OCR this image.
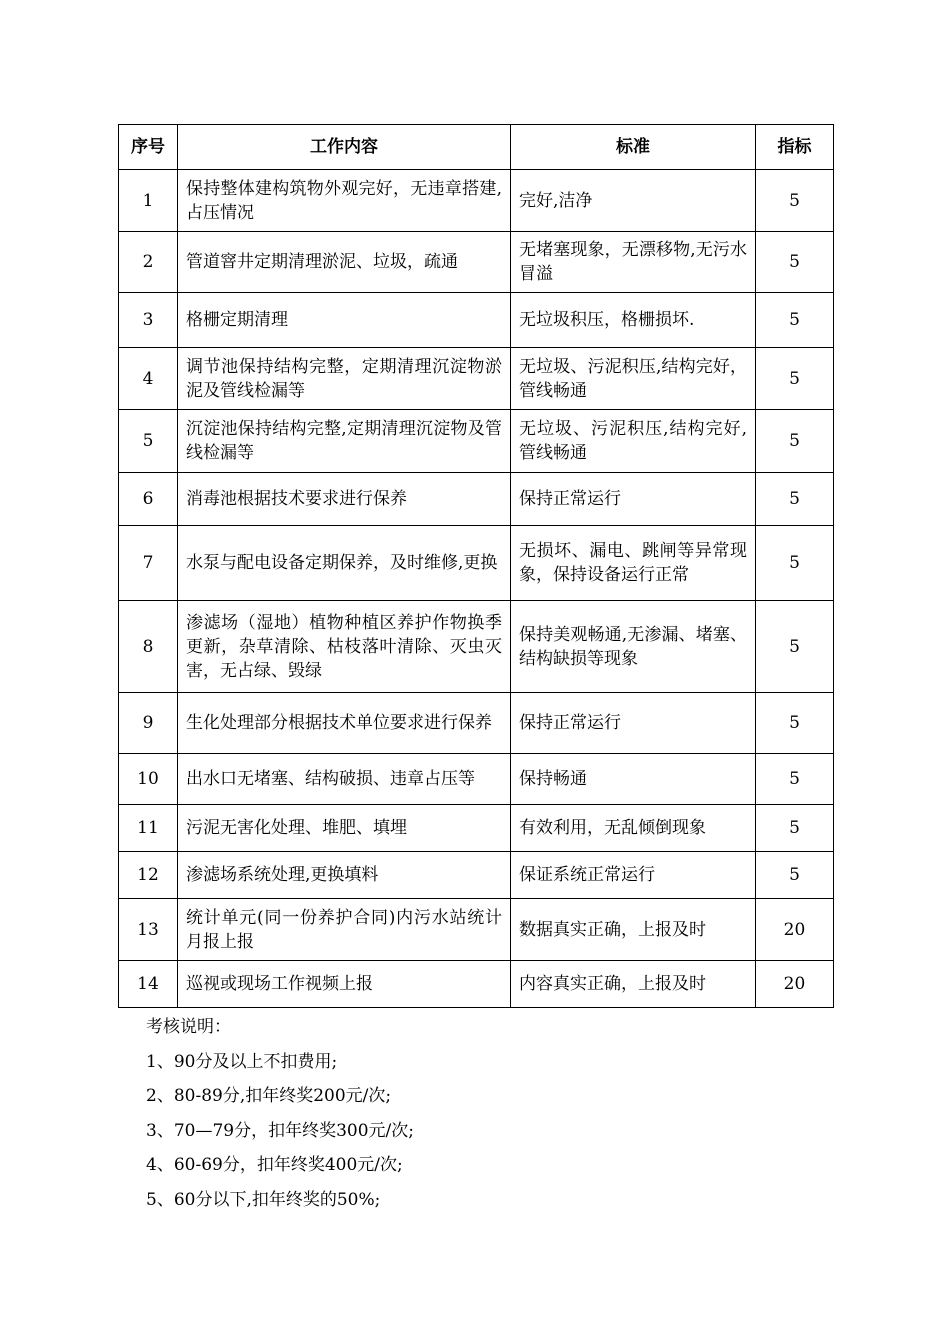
序号	工作内容	标准	指标
1	保持整体建构筑物外观完好，无违章搭建,占压情况	完好,洁净	5
2	管道窨井定期清理淤泥、垃圾，疏通	无堵塞现象，无漂移物,无污水冒溢	5
3	格栅定期清理	无垃圾积压，格栅损坏.	5
4	调节池保持结构完整，定期清理沉淀物淤泥及管线检漏等	无垃圾、污泥积压,结构完好，管线畅通	5
5	沉淀池保持结构完整,定期清理沉淀物及管线检漏等	无垃圾、污泥积压,结构完好,管线畅通	5
6	消毒池根据技术要求进行保养	保持正常运行	5
7	水泵与配电设备定期保养，及时维修,更换	无损坏、漏电、跳闸等异常现象，保持设备运行正常	5
8	渗滤场（湿地）植物种植区养护作物换季更新，杂草清除、枯枝落叶清除、灭虫灭害，无占绿、毁绿	保持美观畅通,无渗漏、堵塞、结构缺损等现象	5
9	生化处理部分根据技术单位要求进行保养	保持正常运行	5
10	出水口无堵塞、结构破损、违章占压等	保持畅通	5
11	污泥无害化处理、堆肥、填埋	有效利用，无乱倾倒现象	5
12	渗滤场系统处理,更换填料	保证系统正常运行	5
13	统计单元(同一份养护合同)内污水站统计月报上报	数据真实正确，上报及时	20
14	巡视或现场工作视频上报	内容真实正确，上报及时	20
考核说明：
1、90分及以上不扣费用;
2、80-89分,扣年终奖200元/次;
3、70—79分，扣年终奖300元/次;
4、60-69分，扣年终奖400元/次;
5、60分以下,扣年终奖的50%;
